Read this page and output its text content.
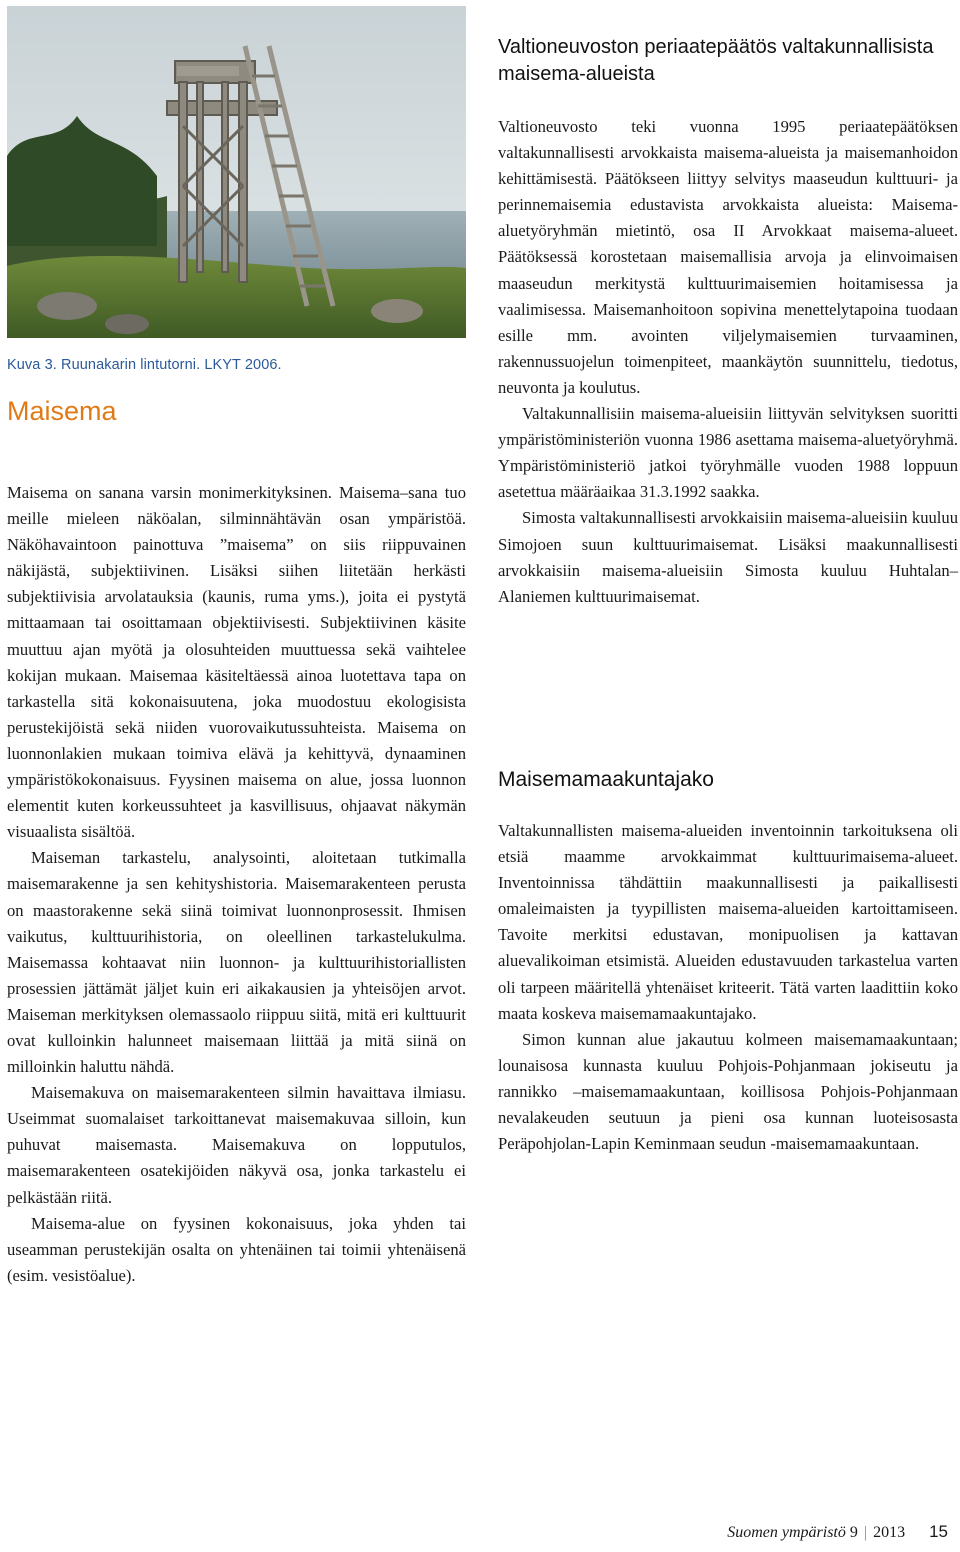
Kuva 3. Ruunakarin lintutorni. LKYT 2006.
Maisema

Maisema on sanana varsin monimerkityksinen. Maisema–sana tuo meille mieleen näköalan, silminnähtävän osan ympäristöä. Näköhavaintoon painottuva ”maisema” on siis riippuvainen näkijästä, subjektiivinen. Lisäksi siihen liitetään herkästi subjektiivisia arvolatauksia (kaunis, ruma yms.), joita ei pystytä mittaamaan tai osoittamaan objektiivisesti. Subjektiivinen käsite muuttuu ajan myötä ja olosuhteiden muuttuessa sekä vaihtelee kokijan mukaan. Maisemaa käsiteltäessä ainoa luotettava tapa on tarkastella sitä kokonaisuutena, joka muodostuu ekologisista perustekijöistä sekä niiden vuorovaikutussuhteista. Maisema on luonnonlakien mukaan toimiva elävä ja kehittyvä, dynaaminen ympäristökokonaisuus. Fyysinen maisema on alue, jossa luonnon elementit kuten korkeussuhteet ja kasvillisuus, ohjaavat näkymän visuaalista sisältöä.

Maiseman tarkastelu, analysointi, aloitetaan tutkimalla maisemarakenne ja sen kehityshistoria. Maisemarakenteen perusta on maastorakenne sekä siinä toimivat luonnonprosessit. Ihmisen vaikutus, kulttuurihistoria, on oleellinen tarkastelukulma. Maisemassa kohtaavat niin luonnon- ja kulttuurihistoriallisten prosessien jättämät jäljet kuin eri aikakausien ja yhteisöjen arvot. Maiseman merkityksen olemassaolo riippuu siitä, mitä eri kulttuurit ovat kulloinkin halunneet maisemaan liittää ja mitä siinä on milloinkin haluttu nähdä.

Maisemakuva on maisemarakenteen silmin havaittava ilmiasu. Useimmat suomalaiset tarkoittanevat maisemakuvaa silloin, kun puhuvat maisemasta. Maisemakuva on lopputulos, maisemarakenteen osatekijöiden näkyvä osa, jonka tarkastelu ei pelkästään riitä.

Maisema-alue on fyysinen kokonaisuus, joka yhden tai useamman perustekijän osalta on yhtenäinen tai toimii yhtenäisenä (esim. vesistöalue).

Valtioneuvoston periaatepäätös valtakunnallisista maisema-alueista

Valtioneuvosto teki vuonna 1995 periaatepäätöksen valtakunnallisesti arvokkaista maisema-alueista ja maisemanhoidon kehittämisestä. Päätökseen liittyy selvitys maaseudun kulttuuri- ja perinnemaisemia edustavista arvokkaista alueista: Maisema-aluetyöryhmän mietintö, osa II Arvokkaat maisema-alueet. Päätöksessä korostetaan maisemallisia arvoja ja elinvoimaisen maaseudun merkitystä kulttuurimaisemien hoitamisessa ja vaalimisessa. Maisemanhoitoon sopivina menettelytapoina tuodaan esille mm. avointen viljelymaisemien turvaaminen, rakennussuojelun toimenpiteet, maankäytön suunnittelu, tiedotus, neuvonta ja koulutus.

Valtakunnallisiin maisema-alueisiin liittyvän selvityksen suoritti ympäristöministeriön vuonna 1986 asettama maisema-aluetyöryhmä. Ympäristöministeriö jatkoi työryhmälle vuoden 1988 loppuun asetettua määräaikaa 31.3.1992 saakka.

Simosta valtakunnallisesti arvokkaisiin maisema-alueisiin kuuluu Simojoen suun kulttuurimaisemat. Lisäksi maakunnallisesti arvokkaisiin maisema-alueisiin Simosta kuuluu Huhtalan–Alaniemen kulttuurimaisemat.

Maisemamaakuntajako

Valtakunnallisten maisema-alueiden inventoinnin tarkoituksena oli etsiä maamme arvokkaimmat kulttuurimaisema-alueet. Inventoinnissa tähdättiin maakunnallisesti ja paikallisesti omaleimaisten ja tyypillisten maisema-alueiden kartoittamiseen. Tavoite merkitsi edustavan, monipuolisen ja kattavan aluevalikoiman etsimistä. Alueiden edustavuuden tarkastelua varten oli tarpeen määritellä yhtenäiset kriteerit. Tätä varten laadittiin koko maata koskeva maisemamaakuntajako.

Simon kunnan alue jakautuu kolmeen maisemamaakuntaan; lounaisosa kunnasta kuuluu Pohjois-Pohjanmaan jokiseutu ja rannikko –maisemamaakuntaan, koillisosa Pohjois-Pohjanmaan nevalakeuden seutuun ja pieni osa kunnan luoteisosasta Peräpohjolan-Lapin Keminmaan seudun -maisemamaakuntaan.

Suomen ympäristö 9 | 2013 15
